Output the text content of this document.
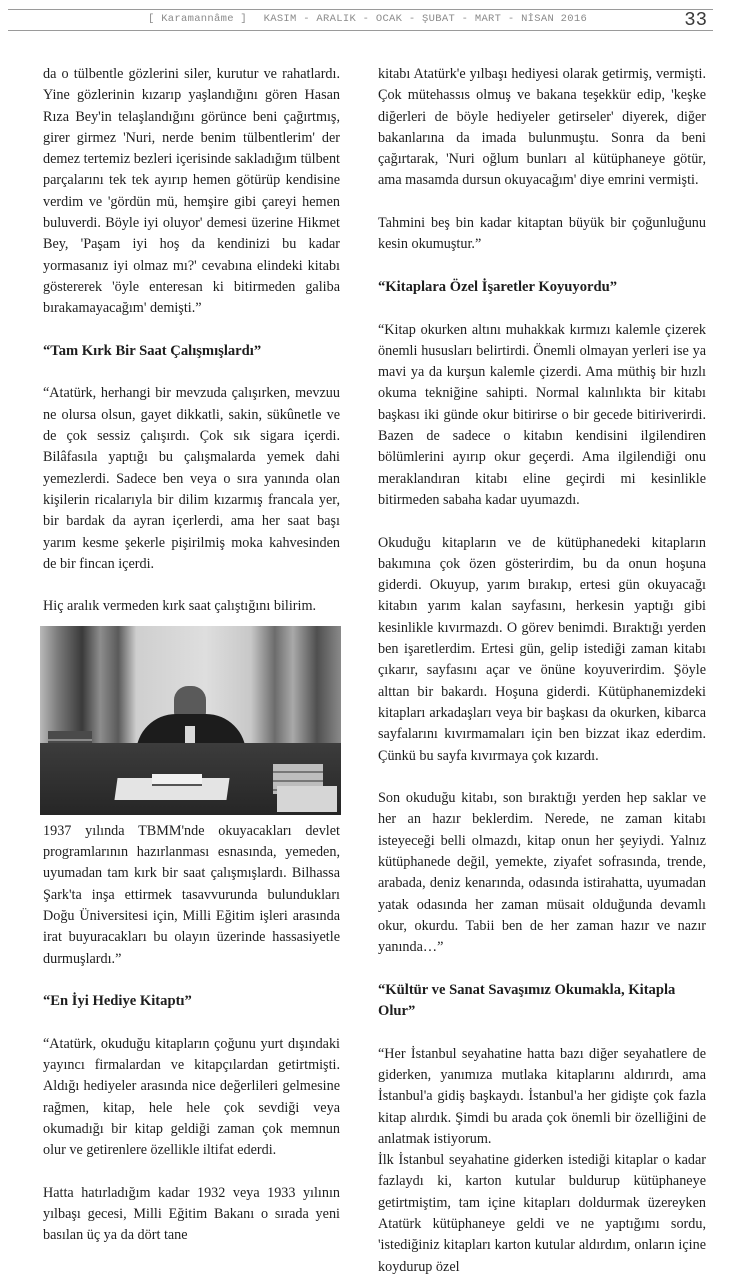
[ Karamannâme ] KASIM - ARALIK - OCAK - ŞUBAT - MART - NİSAN 2016	33

da o tülbentle gözlerini siler, kurutur ve rahatlardı. Yine gözlerinin kızarıp yaşlandığını gören Hasan Rıza Bey'in telaşlandığını görünce beni çağırtmış, girer girmez 'Nuri, nerde benim tülbentlerim' der demez tertemiz bezleri içerisinde sakladığım tülbent parçalarını tek tek ayırıp hemen götürüp kendisine verdim ve 'gördün mü, hemşire gibi çareyi hemen buluverdi. Böyle iyi oluyor' demesi üzerine Hikmet Bey, 'Paşam iyi hoş da kendinizi bu kadar yormasanız iyi olmaz mı?' cevabına elindeki kitabı göstererek 'öyle enteresan ki bitirmeden galiba bırakamayacağım' demişti.”

“Tam Kırk Bir Saat Çalışmışlardı”

“Atatürk, herhangi bir mevzuda çalışırken, mevzuu ne olursa olsun, gayet dikkatli, sakin, sükûnetle ve de çok sessiz çalışırdı. Çok sık sigara içerdi. Bilâfasıla yaptığı bu çalışmalarda yemek dahi yemezlerdi. Sadece ben veya o sıra yanında olan kişilerin ricalarıyla bir dilim kızarmış francala yer, bir bardak da ayran içerlerdi, ama her saat başı yarım kesme şekerle pişirilmiş moka kahvesinden de bir fincan içerdi.

Hiç aralık vermeden kırk saat çalıştığını bilirim.

1937 yılında TBMM'nde okuyacakları devlet programlarının hazırlanması esnasında, yemeden, uyumadan tam kırk bir saat çalışmışlardı. Bilhassa Şark'ta inşa ettirmek tasavvurunda bulundukları Doğu Üniversitesi için, Milli Eğitim işleri arasında irat buyuracakları bu olayın üzerinde hassasiyetle durmuşlardı.”

“En İyi Hediye Kitaptı”

“Atatürk, okuduğu kitapların çoğunu yurt dışındaki yayıncı firmalardan ve kitapçılardan getirtmişti. Aldığı hediyeler arasında nice değerlileri gelmesine rağmen, kitap, hele hele çok sevdiği veya okumadığı bir kitap geldiği zaman çok memnun olur ve getirenlere özellikle iltifat ederdi.

Hatta hatırladığım kadar 1932 veya 1933 yılının yılbaşı gecesi, Milli Eğitim Bakanı o sırada yeni basılan üç ya da dört tane

kitabı Atatürk'e yılbaşı hediyesi olarak getirmiş, vermişti. Çok mütehassıs olmuş ve bakana teşekkür edip, 'keşke diğerleri de böyle hediyeler getirseler' diyerek, diğer bakanlarına da imada bulunmuştu. Sonra da beni çağırtarak, 'Nuri oğlum bunları al kütüphaneye götür, ama masamda dursun okuyacağım' diye emrini vermişti.

Tahmini beş bin kadar kitaptan büyük bir çoğunluğunu kesin okumuştur.”

“Kitaplara Özel İşaretler Koyuyordu”

“Kitap okurken altını muhakkak kırmızı kalemle çizerek önemli hususları belirtirdi. Önemli olmayan yerleri ise ya mavi ya da kurşun kalemle çizerdi. Ama müthiş bir hızlı okuma tekniğine sahipti. Normal kalınlıkta bir kitabı başkası iki günde okur bitirirse o bir gecede bitiriverirdi. Bazen de sadece o kitabın kendisini ilgilendiren bölümlerini ayırıp okur geçerdi. Ama ilgilendiği onu meraklandıran kitabı eline geçirdi mi kesinlikle bitirmeden sabaha kadar uyumazdı.

Okuduğu kitapların ve de kütüphanedeki kitapların bakımına çok özen gösterirdim, bu da onun hoşuna giderdi. Okuyup, yarım bırakıp, ertesi gün okuyacağı kitabın yarım kalan sayfasını, herkesin yaptığı gibi kesinlikle kıvırmazdı. O görev benimdi. Bıraktığı yerden ben işaretlerdim. Ertesi gün, gelip istediği zaman kitabı çıkarır, sayfasını açar ve önüne koyuverirdim. Şöyle alttan bir bakardı. Hoşuna giderdi. Kütüphanemizdeki kitapları arkadaşları veya bir başkası da okurken, kibarca sayfalarını kıvırmamaları için ben bizzat ikaz ederdim. Çünkü bu sayfa kıvırmaya çok kızardı.

Son okuduğu kitabı, son bıraktığı yerden hep saklar ve her an hazır beklerdim. Nerede, ne zaman kitabı isteyeceği belli olmazdı, kitap onun her şeyiydi. Yalnız kütüphanede değil, yemekte, ziyafet sofrasında, trende, arabada, deniz kenarında, odasında istirahatta, uyumadan yatak odasında her zaman müsait olduğunda devamlı okur, okurdu. Tabii ben de her zaman hazır ve nazır yanında…”

“Kültür ve Sanat Savaşımız Okumakla, Kitapla Olur”

“Her İstanbul seyahatine hatta bazı diğer seyahatlere de giderken, yanımıza mutlaka kitaplarını aldırırdı, ama İstanbul'a gidiş başkaydı. İstanbul'a her gidişte çok fazla kitap alırdık. Şimdi bu arada çok önemli bir özelliğini de anlatmak istiyorum.

İlk İstanbul seyahatine giderken istediği kitaplar o kadar fazlaydı ki, karton kutular buldurup kütüphaneye getirtmiştim, tam içine kitapları doldurmak üzereyken Atatürk kütüphaneye geldi ve ne yaptığımı sordu, 'istediğiniz kitapları karton kutular aldırdım, onların içine koydurup özel
